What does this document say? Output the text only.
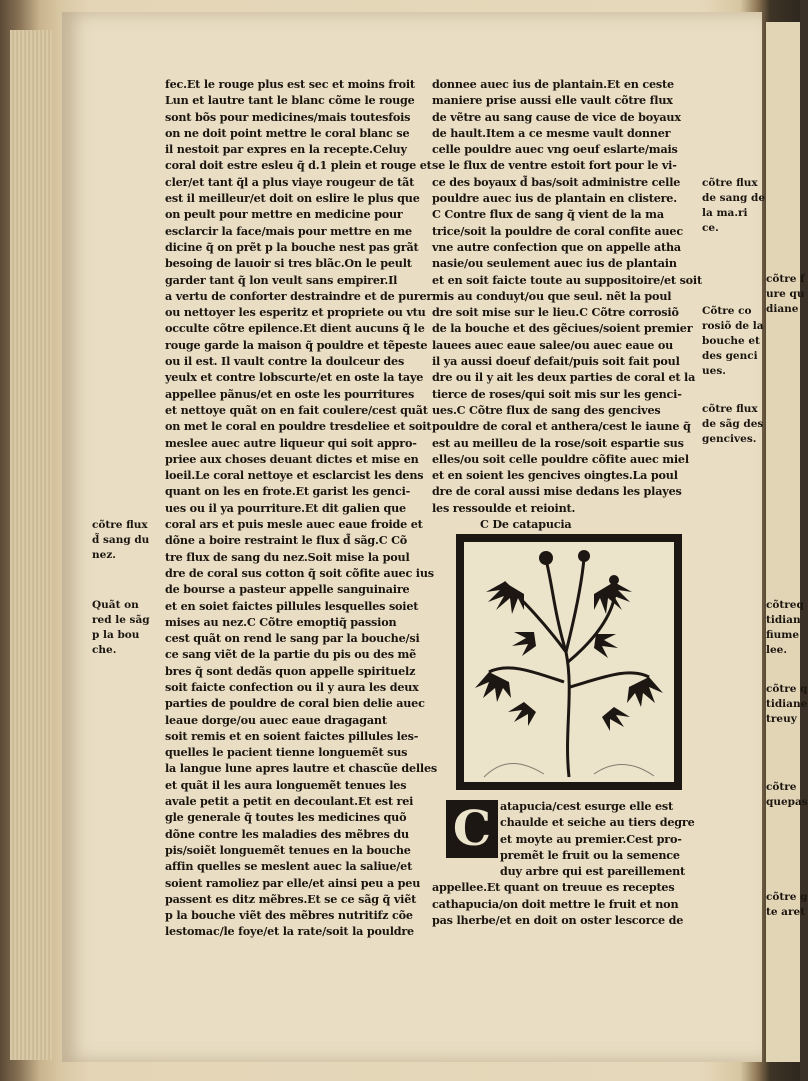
fec.Et le rouge plus est sec et moins froit
Lun et lautre tant le blanc cõme le rouge
sont bõs pour medicines/mais toutesfois
on ne doit point mettre le coral blanc se
il nestoit par expres en la recepte.Celuy
coral doit estre esleu q̃ d.1 plein et rouge et
cler/et tant q̃l a plus viaye rougeur de tãt
est il meilleur/et doit on eslire le plus que
on peult pour mettre en medicine pour
esclarcir la face/mais pour mettre en me
dicine q̃ on prẽt p la bouche nest pas grãt
besoing de lauoir si tres blãc.On le peult
garder tant q̃ lon veult sans empirer.Il
a vertu de conforter destraindre et de purer
ou nettoyer les esperitz et propriete ou vtu
occulte cõtre epilence.Et dient aucuns q̃ le
rouge garde la maison q̃ pouldre et tẽpeste
ou il est. Il vault contre la doulceur des
yeulx et contre lobscurte/et en oste la taye
appellee pãnus/et en oste les pourritures
et nettoye quãt on en fait coulere/cest quãt
on met le coral en pouldre tresdeliee et soit
meslee auec autre liqueur qui soit appro-
priee aux choses deuant dictes et mise en
loeil.Le coral nettoye et esclarcist les dens
quant on les en frote.Et garist les genci-
ues ou il ya pourriture.Et dit galien que
coral ars et puis mesle auec eaue froide et
dõne a boire restraint le flux d̃ sãg.C Cõ
tre flux de sang du nez.Soit mise la poul
dre de coral sus cotton q̃ soit cõfite auec ius
de bourse a pasteur appelle sanguinaire
et en soiet faictes pillules lesquelles soiet
mises au nez.C Cõtre emoptiq̃ passion
cest quãt on rend le sang par la bouche/si
ce sang viẽt de la partie du pis ou des mẽ
bres q̃ sont dedãs quon appelle spirituelz
soit faicte confection ou il y aura les deux
parties de pouldre de coral bien delie auec
leaue dorge/ou auec eaue dragagant
soit remis et en soient faictes pillules les-
quelles le pacient tienne longuemẽt sus
la langue lune apres lautre et chascũe delles
et quãt il les aura longuemẽt tenues les
avale petit a petit en decoulant.Et est rei
gle generale q̃ toutes les medicines quõ
dõne contre les maladies des mẽbres du
pis/soiẽt longuemẽt tenues en la bouche
affin quelles se meslent auec la saliue/et
soient ramoliez par elle/et ainsi peu a peu
passent es ditz mẽbres.Et se ce sãg q̃ viẽt
p la bouche viẽt des mẽbres nutritifz cõe
lestomac/le foye/et la rate/soit la pouldre
donnee auec ius de plantain.Et en ceste
maniere prise aussi elle vault cõtre flux
de vẽtre au sang cause de vice de boyaux
de hault.Item a ce mesme vault donner
celle pouldre auec vng oeuf eslarte/mais
se le flux de ventre estoit fort pour le vi-
ce des boyaux d̃ bas/soit administre celle
pouldre auec ius de plantain en clistere.
C Contre flux de sang q̃ vient de la ma
trice/soit la pouldre de coral confite auec
vne autre confection que on appelle atha
nasie/ou seulement auec ius de plantain
et en soit faicte toute au suppositoire/et soit
mis au conduyt/ou que seul. nẽt la poul
dre soit mise sur le lieu.C Cõtre corrosiõ
de la bouche et des gẽciues/soient premier
lauees auec eaue salee/ou auec eaue ou
il ya aussi doeuf defait/puis soit fait poul
dre ou il y ait les deux parties de coral et la
tierce de roses/qui soit mis sur les genci-
ues.C Cõtre flux de sang des gencives
pouldre de coral et anthera/cest le iaune q̃
est au meilleu de la rose/soit espartie sus
elles/ou soit celle pouldre cõfite auec miel
et en soient les gencives oingtes.La poul
dre de coral aussi mise dedans les playes
les ressoulde et reioint.
C De catapucia
atapucia/cest esurge elle est
chaulde et seiche au tiers degre
et moyte au premier.Cest pro-
premẽt le fruit ou la semence
duy arbre qui est pareillement
appellee.Et quant on treuue es receptes
cathapucia/on doit mettre le fruit et non
pas lherbe/et en doit on oster lescorce de
C
cõtre flux
d̃ sang du
nez.
Quãt on
red le sãg
p la bou
che.
cõtre flux
de sang de
la ma.ri
ce.
Cõtre co
rosiõ de la
bouche et
des genci
ues.
cõtre flux
de sãg des
gencives.
cõtre f
ure qu
diane
cõtreq
tidian
fiume
lee.
cõtre q
tidiane
treuy
cõtre
quepas
cõtre g
te aret
